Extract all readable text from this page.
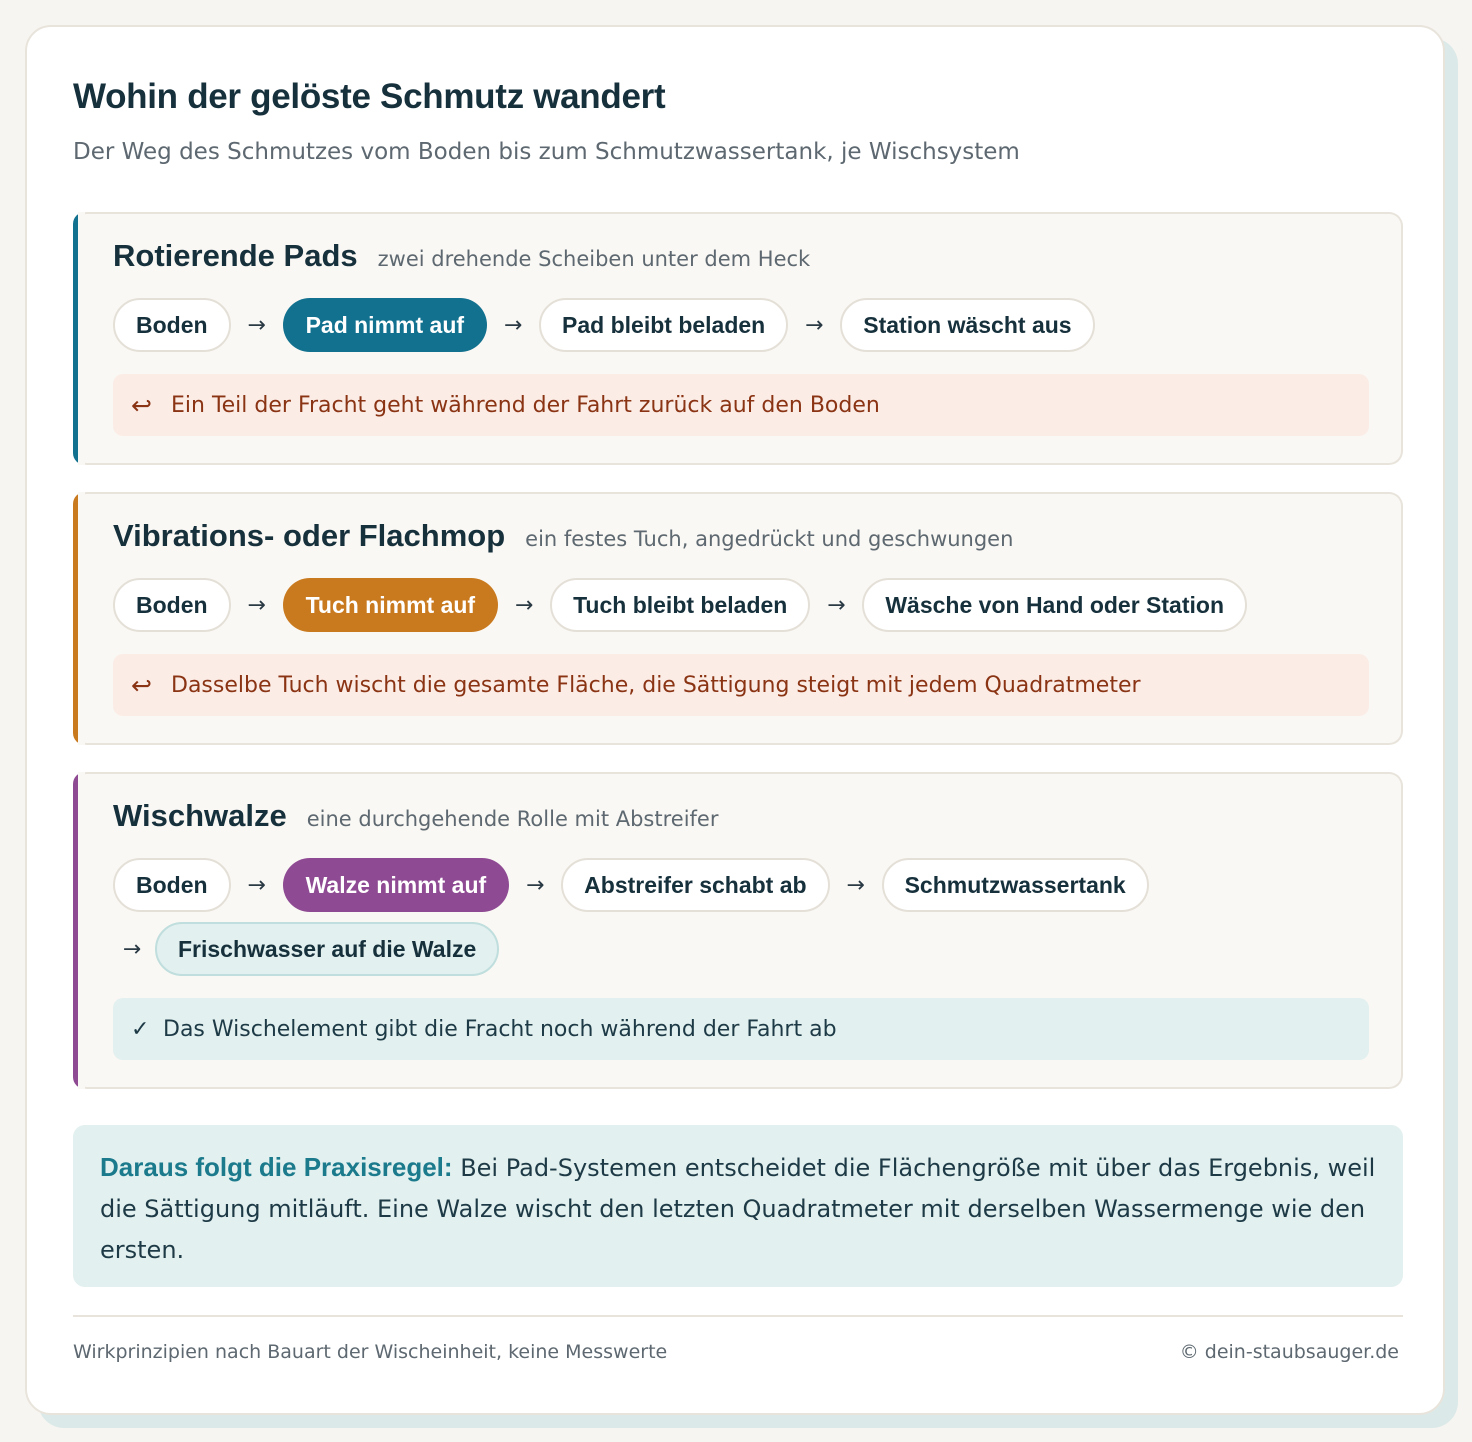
Wohin der gelöste Schmutz wandert

Der Weg des Schmutzes vom Boden bis zum Schmutzwassertank, je Wischsystem

Rotierende Pads zwei drehende Scheiben unter dem Heck
Boden	→	Pad nimmt auf	→	Pad bleibt beladen	→	Station wäscht aus
↩ Ein Teil der Fracht geht während der Fahrt zurück auf den Boden
Vibrations- oder Flachmop ein festes Tuch, angedrückt und geschwungen
Boden	→	Tuch nimmt auf	→	Tuch bleibt beladen	→	Wäsche von Hand oder Station
↩ Dasselbe Tuch wischt die gesamte Fläche, die Sättigung steigt mit jedem Quadratmeter
Wischwalze eine durchgehende Rolle mit Abstreifer
Boden	→	Walze nimmt auf	→	Abstreifer schabt ab	→	Schmutzwassertank
→	Frischwasser auf die Walze
✓ Das Wischelement gibt die Fracht noch während der Fahrt ab
Daraus folgt die Praxisregel: Bei Pad-Systemen entscheidet die Flächengröße mit über das Ergebnis, weil die Sättigung mitläuft. Eine Walze wischt den letzten Quadratmeter mit derselben Wassermenge wie den ersten.
Wirkprinzipien nach Bauart der Wischeinheit, keine Messwerte	© dein-staubsauger.de
